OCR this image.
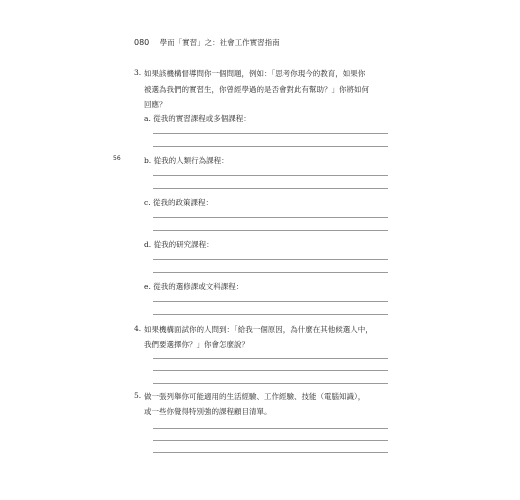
080 學而「實習」之：社會工作實習指南
56
3. 如果該機構督導問你一個問題，例如：「思考你現今的教育，如果你
被選為我們的實習生，你曾經學過的是否會對此有幫助？」你將如何
回應？
a. 從我的實習課程或多個課程：
b. 從我的人類行為課程：
c. 從我的政策課程：
d. 從我的研究課程：
e. 從我的選修課或文科課程：
4. 如果機構面試你的人問到：「給我一個原因，為什麼在其他候選人中，
我們要選擇你？」你會怎麼說？
5. 做一張列舉你可能適用的生活經驗、工作經驗、技能（電腦知識），
或一些你覺得特別強的課程顧目清單。
